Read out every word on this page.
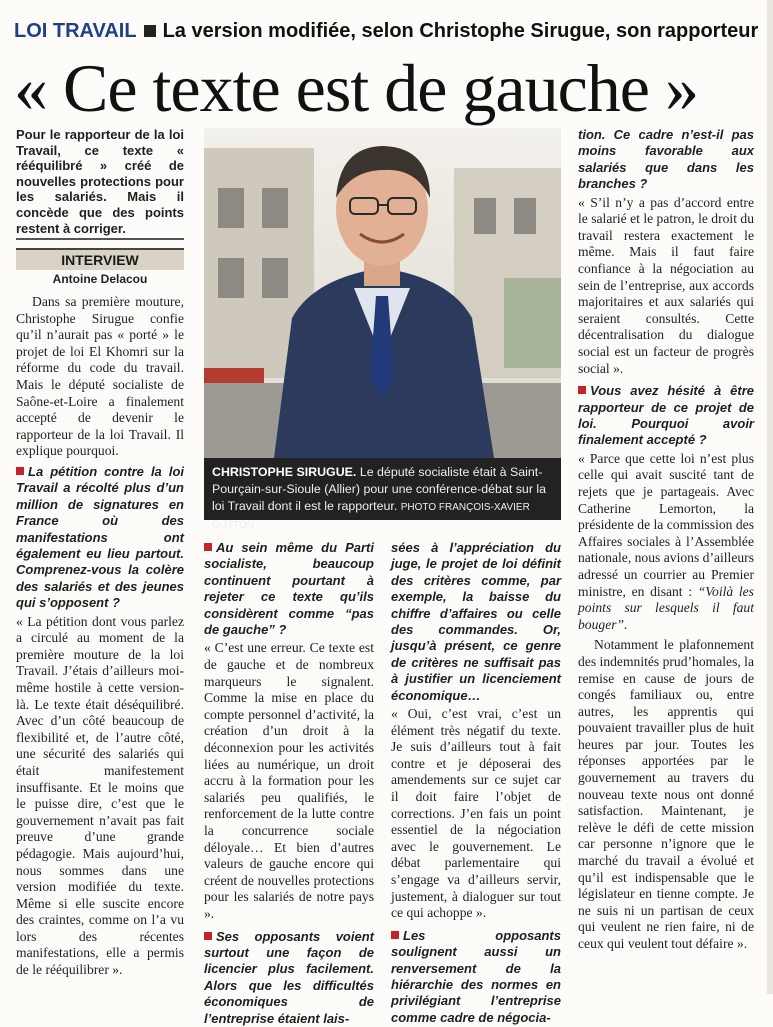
LOI TRAVAIL La version modifiée, selon Christophe Sirugue, son rapporteur
« Ce texte est de gauche »
Pour le rapporteur de la loi Travail, ce texte « rééquilibré » créé de nouvelles protections pour les salariés. Mais il concède que des points restent à corriger.
INTERVIEW
Antoine Delacou

Dans sa première mouture, Christophe Sirugue confie qu’il n’aurait pas « porté » le projet de loi El Khomri sur la réforme du code du travail. Mais le député socialiste de Saône-et-Loire a finalement accepté de devenir le rapporteur de la loi Travail. Il explique pourquoi.

La pétition contre la loi Travail a récolté plus d’un million de signatures en France où des manifestations ont également eu lieu partout. Comprenez-vous la colère des salariés et des jeunes qui s’opposent ?

« La pétition dont vous parlez a circulé au moment de la première mouture de la loi Travail. J’étais d’ailleurs moi-même hostile à cette version-là. Le texte était déséquilibré. Avec d’un côté beaucoup de flexibilité et, de l’autre côté, une sécurité des salariés qui était manifestement insuffisante. Et le moins que le puisse dire, c’est que le gouvernement n’avait pas fait preuve d’une grande pédagogie. Mais aujourd’hui, nous sommes dans une version modifiée du texte. Même si elle suscite encore des craintes, comme on l’a vu lors des récentes manifestations, elle a permis de le rééquilibrer ».

CHRISTOPHE SIRUGUE. Le député socialiste était à Saint-Pourçain-sur-Sioule (Allier) pour une conférence-débat sur la loi Travail dont il est le rapporteur. PHOTO FRANÇOIS-XAVIER GUTTON

Au sein même du Parti socialiste, beaucoup continuent pourtant à rejeter ce texte qu’ils considèrent comme “pas de gauche” ?

« C’est une erreur. Ce texte est de gauche et de nombreux marqueurs le signalent. Comme la mise en place du compte personnel d’activité, la création d’un droit à la déconnexion pour les activités liées au numérique, un droit accru à la formation pour les salariés peu qualifiés, le renforcement de la lutte contre la concurrence sociale déloyale… Et bien d’autres valeurs de gauche encore qui créent de nouvelles protections pour les salariés de notre pays ».

Ses opposants voient surtout une façon de licencier plus facilement. Alors que les difficultés économiques de l’entreprise étaient lais-

sées à l’appréciation du juge, le projet de loi définit des critères comme, par exemple, la baisse du chiffre d’affaires ou celle des commandes. Or, jusqu’à présent, ce genre de critères ne suffisait pas à justifier un licenciement économique…

« Oui, c’est vrai, c’est un élément très négatif du texte. Je suis d’ailleurs tout à fait contre et je déposerai des amendements sur ce sujet car il doit faire l’objet de corrections. J’en fais un point essentiel de la négociation avec le gouvernement. Le débat parlementaire qui s’engage va d’ailleurs servir, justement, à dialoguer sur tout ce qui achoppe ».

Les opposants soulignent aussi un renversement de la hiérarchie des normes en privilégiant l’entreprise comme cadre de négocia-

tion. Ce cadre n’est-il pas moins favorable aux salariés que dans les branches ?

« S’il n’y a pas d’accord entre le salarié et le patron, le droit du travail restera exactement le même. Mais il faut faire confiance à la négociation au sein de l’entreprise, aux accords majoritaires et aux salariés qui seraient consultés. Cette décentralisation du dialogue social est un facteur de progrès social ».

Vous avez hésité à être rapporteur de ce projet de loi. Pourquoi avoir finalement accepté ?

« Parce que cette loi n’est plus celle qui avait suscité tant de rejets que je partageais. Avec Catherine Lemorton, la présidente de la commission des Affaires sociales à l’Assemblée nationale, nous avions d’ailleurs adressé un courrier au Premier ministre, en disant : “Voilà les points sur lesquels il faut bouger”.

Notamment le plafonnement des indemnités prud’homales, la remise en cause de jours de congés familiaux ou, entre autres, les apprentis qui pouvaient travailler plus de huit heures par jour. Toutes les réponses apportées par le gouvernement au travers du nouveau texte nous ont donné satisfaction. Maintenant, je relève le défi de cette mission car personne n’ignore que le marché du travail a évolué et qu’il est indispensable que le législateur en tienne compte. Je ne suis ni un partisan de ceux qui veulent ne rien faire, ni de ceux qui veulent tout défaire ».
